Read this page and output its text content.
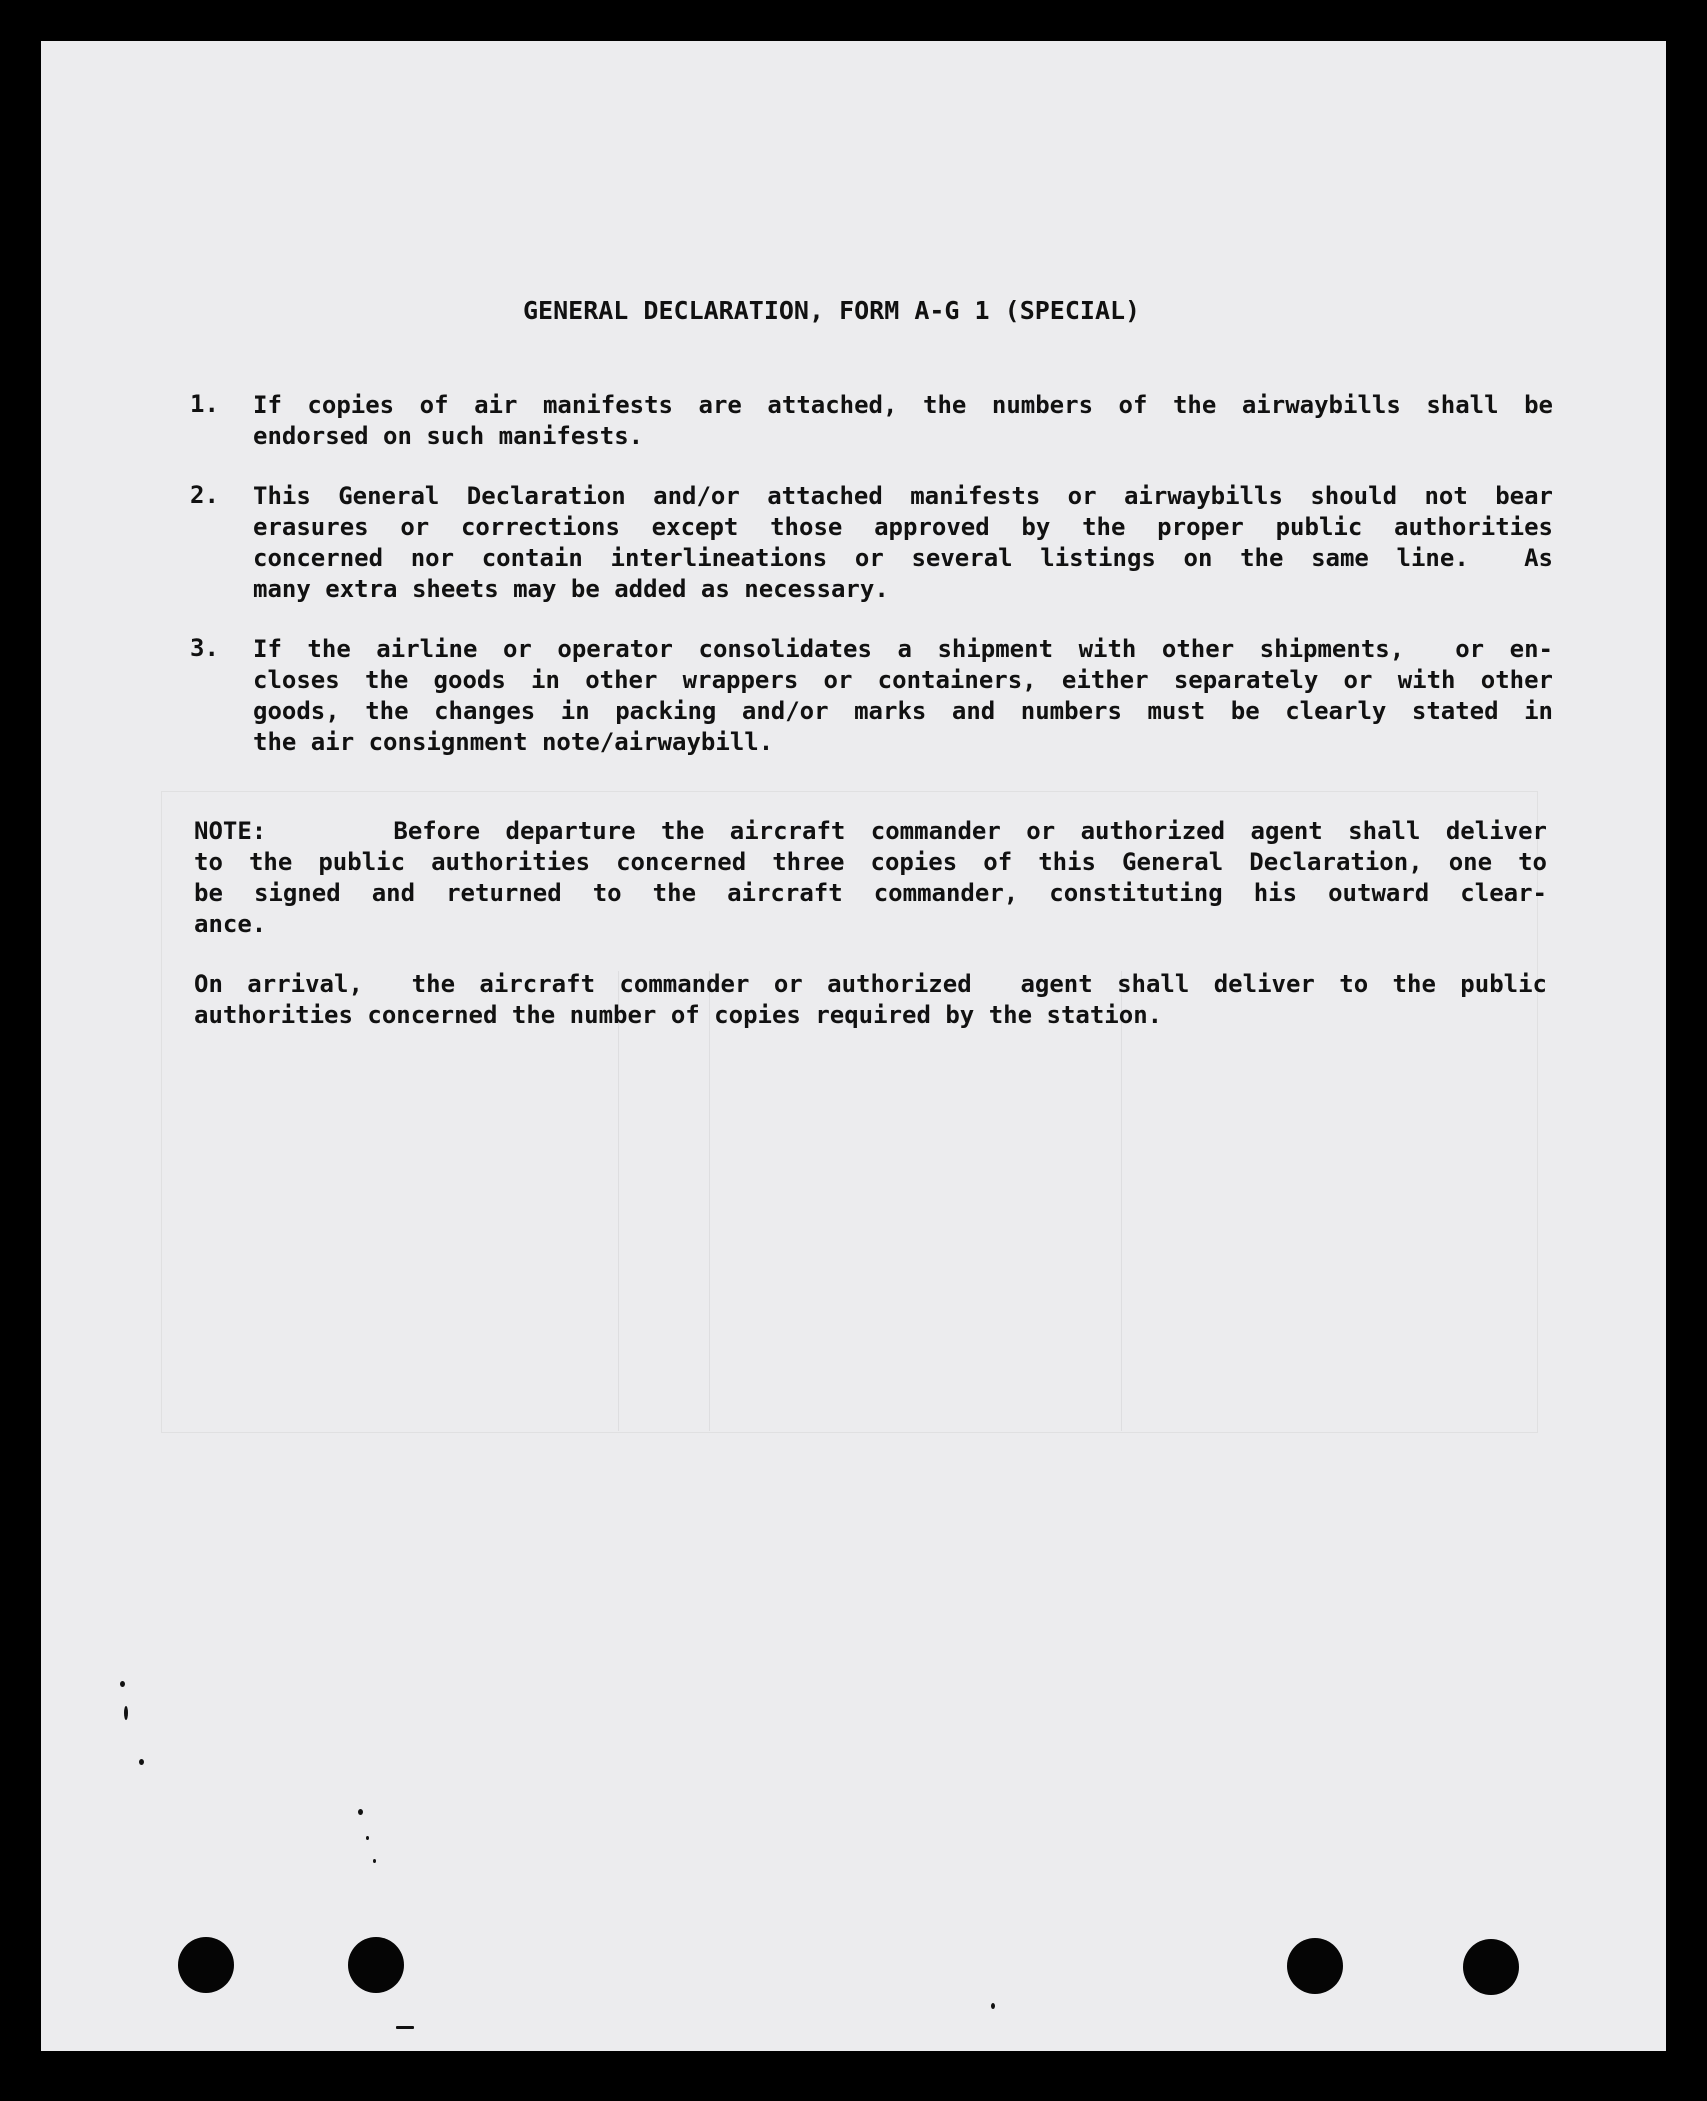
GENERAL DECLARATION, FORM A-G 1 (SPECIAL)
1. If copies of air manifests are attached, the numbers of the airwaybills shall be
endorsed on such manifests.
2. This General Declaration and/or attached manifests or airwaybills should not bear
erasures or corrections except those approved by the proper public authorities
concerned nor contain interlineations or several listings on the same line.  As
many extra sheets may be added as necessary.
3. If the airline or operator consolidates a shipment with other shipments,  or en-
closes the goods in other wrappers or containers, either separately or with other
goods, the changes in packing and/or marks and numbers must be clearly stated in
the air consignment note/airwaybill.
NOTE:     Before departure the aircraft commander or authorized agent shall deliver
to the public authorities concerned three copies of this General Declaration, one to
be signed and returned to the aircraft commander, constituting his outward clear-
ance.
On arrival,  the aircraft commander or authorized  agent shall deliver to the public
authorities concerned the number of copies required by the station.
